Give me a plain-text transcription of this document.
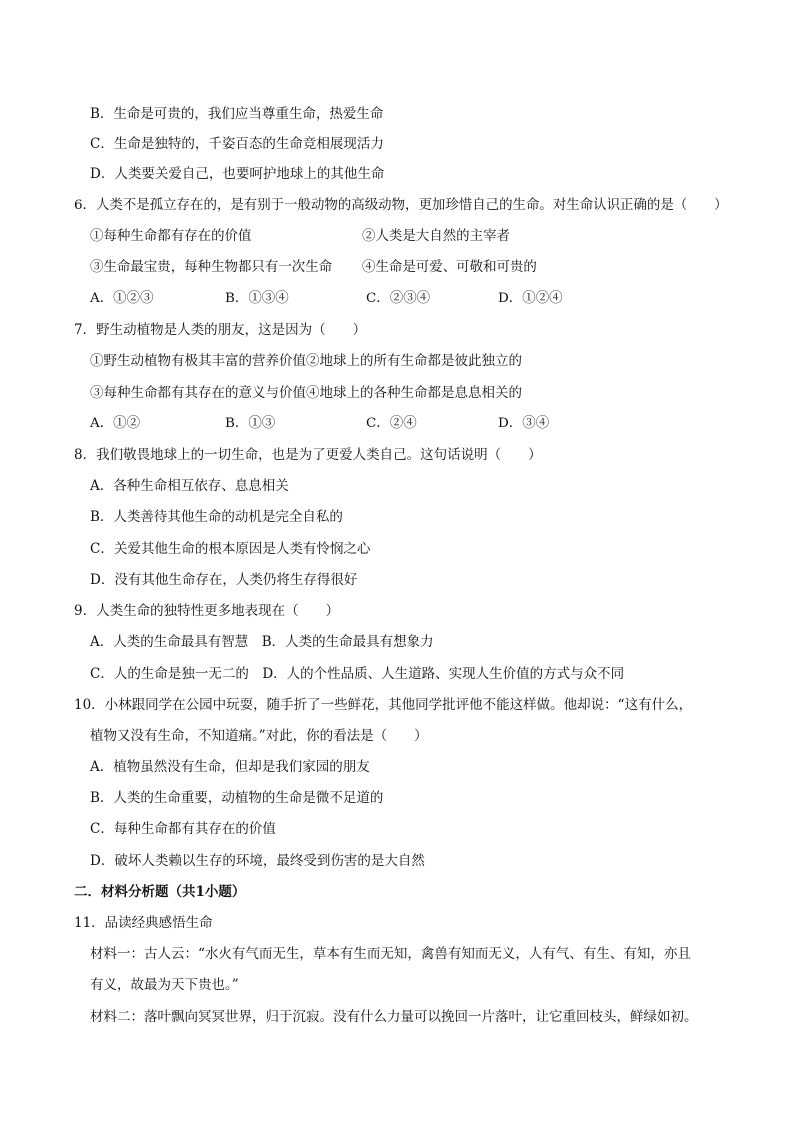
B．生命是可贵的，我们应当尊重生命，热爱生命
C．生命是独特的，千姿百态的生命竞相展现活力
D．人类要关爱自己，也要呵护地球上的其他生命
6．人类不是孤立存在的，是有别于一般动物的高级动物，更加珍惜自己的生命。对生命认识正确的是（　　）
①每种生命都有存在的价值	②人类是大自然的主宰者
③生命最宝贵，每种生物都只有一次生命 ④生命是可爱、可敬和可贵的
A．①②③	B．①③④	C．②③④	D．①②④
7．野生动植物是人类的朋友，这是因为（　　）
①野生动植物有极其丰富的营养价值②地球上的所有生命都是彼此独立的
③每种生命都有其存在的意义与价值④地球上的各种生命都是息息相关的
A．①②	B．①③	C．②④	D．③④
8．我们敬畏地球上的一切生命，也是为了更爱人类自己。这句话说明（　　）
A．各种生命相互依存、息息相关
B．人类善待其他生命的动机是完全自私的
C．关爱其他生命的根本原因是人类有怜悯之心
D．没有其他生命存在，人类仍将生存得很好
9．人类生命的独特性更多地表现在（　　）
A．人类的生命最具有智慧　B．人类的生命最具有想象力
C．人的生命是独一无二的　D．人的个性品质、人生道路、实现人生价值的方式与众不同
10．小林跟同学在公园中玩耍，随手折了一些鲜花，其他同学批评他不能这样做。他却说：“这有什么，
植物又没有生命，不知道痛。”对此，你的看法是（　　）
A．植物虽然没有生命，但却是我们家园的朋友
B．人类的生命重要，动植物的生命是微不足道的
C．每种生命都有其存在的价值
D．破坏人类赖以生存的环境，最终受到伤害的是大自然
二．材料分析题（共1小题）
11．品读经典感悟生命
材料一：古人云：“水火有气而无生，草本有生而无知，禽兽有知而无义，人有气、有生、有知，亦且
有义，故最为天下贵也。”
材料二：落叶飘向冥冥世界，归于沉寂。没有什么力量可以挽回一片落叶，让它重回枝头，鲜绿如初。
